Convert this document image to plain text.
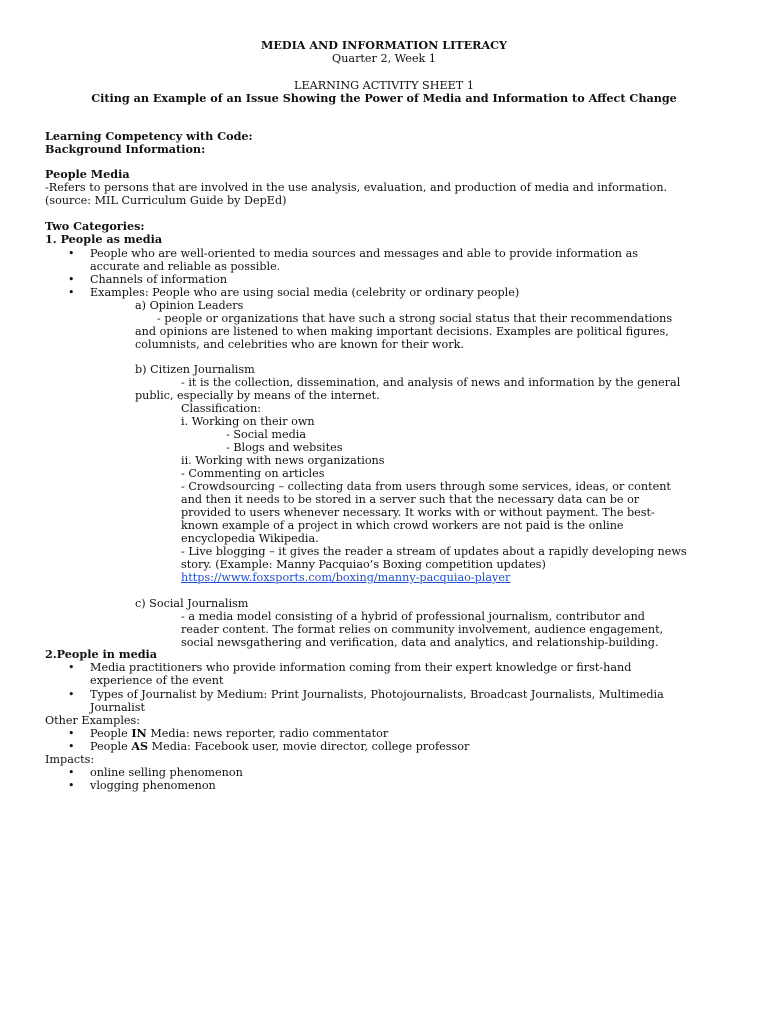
MEDIA AND INFORMATION LITERACY
Quarter 2, Week 1
LEARNING ACTIVITY SHEET 1
Citing an Example of an Issue Showing the Power of Media and Information to Affect Change
Learning Competency with Code:
Background Information:
People Media
-Refers to persons that are involved in the use analysis, evaluation, and production of media and information.
(source: MIL Curriculum Guide by DepEd)
Two Categories:
1. People as media
• People who are well-oriented to media sources and messages and able to provide information as
accurate and reliable as possible.
• Channels of information
• Examples: People who are using social media (celebrity or ordinary people)
a) Opinion Leaders
- people or organizations that have such a strong social status that their recommendations
and opinions are listened to when making important decisions. Examples are political figures,
columnists, and celebrities who are known for their work.
b) Citizen Journalism
- it is the collection, dissemination, and analysis of news and information by the general
public, especially by means of the internet.
Classification:
i. Working on their own
- Social media
- Blogs and websites
ii. Working with news organizations
- Commenting on articles
- Crowdsourcing – collecting data from users through some services, ideas, or content
and then it needs to be stored in a server such that the necessary data can be or
provided to users whenever necessary. It works with or without payment. The best-
known example of a project in which crowd workers are not paid is the online
encyclopedia Wikipedia.
- Live blogging – it gives the reader a stream of updates about a rapidly developing news
story. (Example: Manny Pacquiao’s Boxing competition updates)
https://www.foxsports.com/boxing/manny-pacquiao-player
c) Social Journalism
- a media model consisting of a hybrid of professional journalism, contributor and
reader content. The format relies on community involvement, audience engagement,
social newsgathering and verification, data and analytics, and relationship-building.
2.People in media
• Media practitioners who provide information coming from their expert knowledge or first-hand
experience of the event
• Types of Journalist by Medium: Print Journalists, Photojournalists, Broadcast Journalists, Multimedia
Journalist
Other Examples:
• People IN Media: news reporter, radio commentator
• People AS Media: Facebook user, movie director, college professor
Impacts:
• online selling phenomenon
• vlogging phenomenon
